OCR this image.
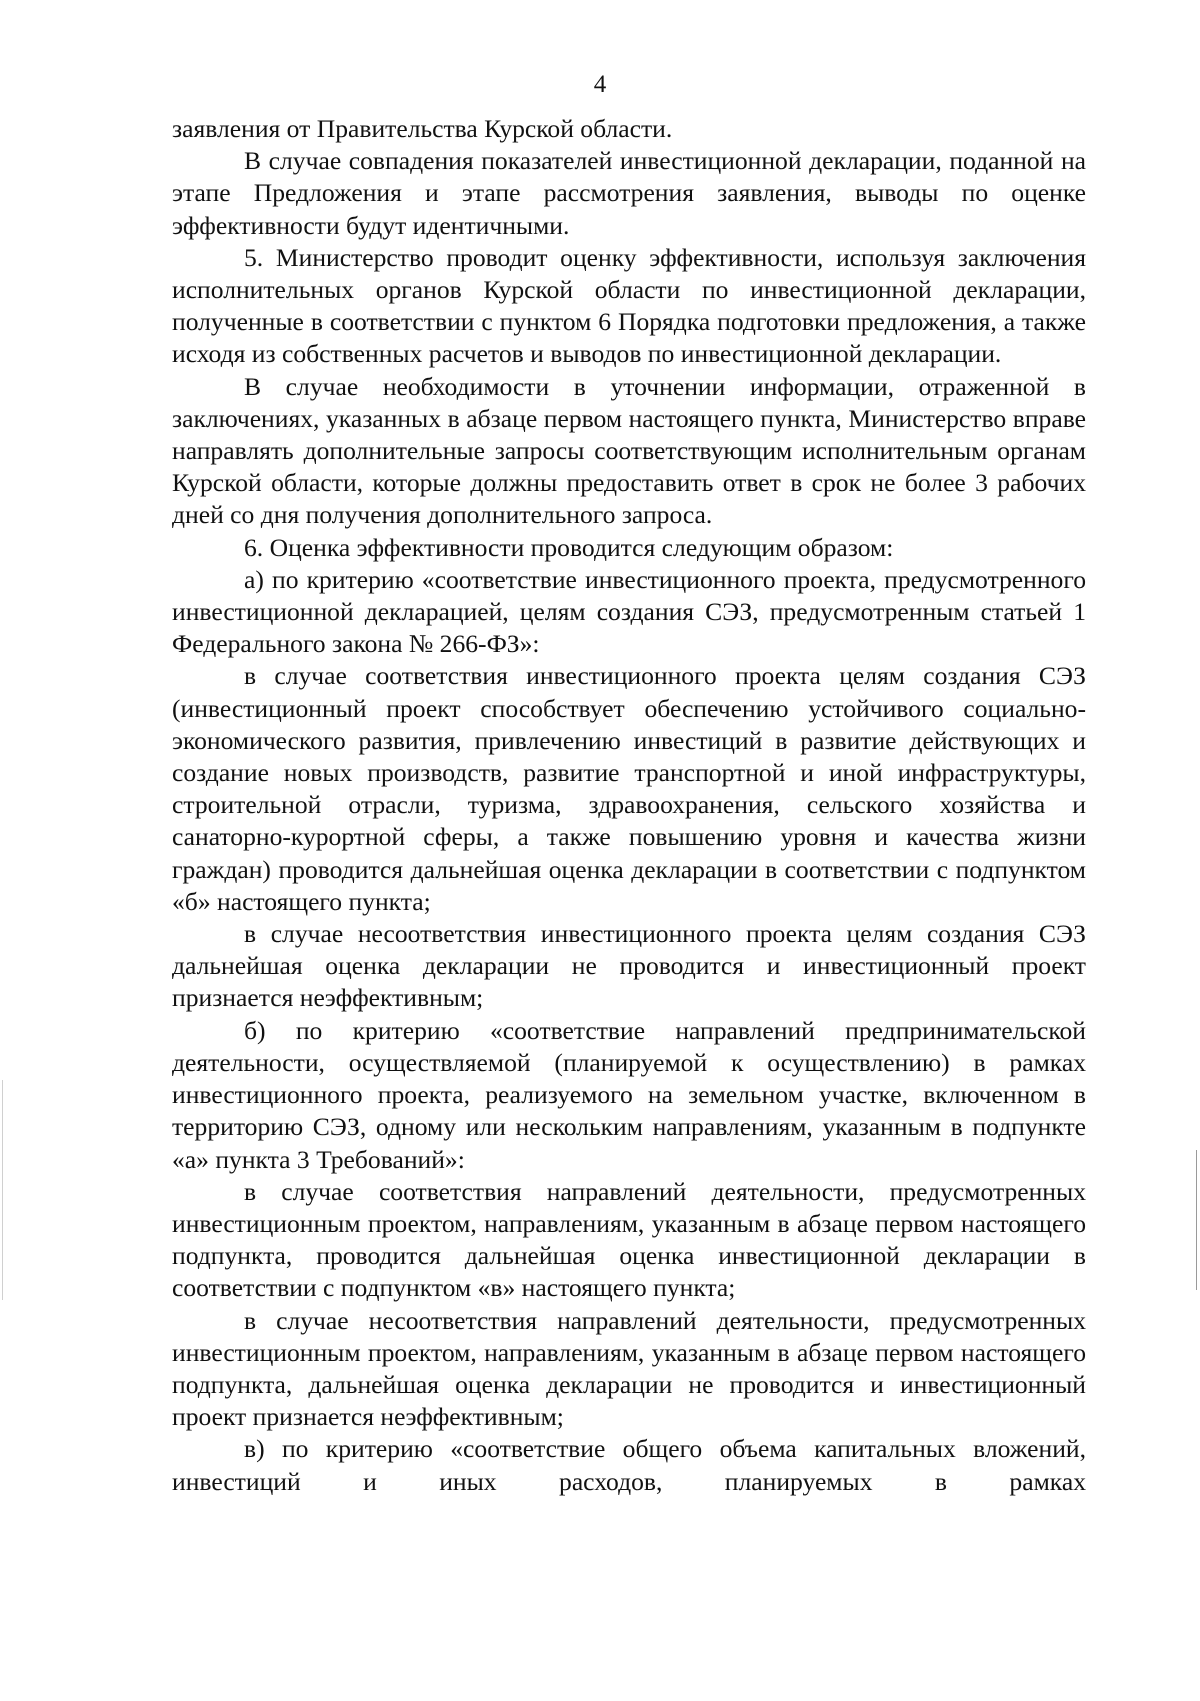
4

заявления от Правительства Курской области.

В случае совпадения показателей инвестиционной декларации, поданной на этапе Предложения и этапе рассмотрения заявления, выводы по оценке эффективности будут идентичными.

5. Министерство проводит оценку эффективности, используя заключения исполнительных органов Курской области по инвестиционной декларации, полученные в соответствии с пунктом 6 Порядка подготовки предложения, а также исходя из собственных расчетов и выводов по инвестиционной декларации.

В случае необходимости в уточнении информации, отраженной в заключениях, указанных в абзаце первом настоящего пункта, Министерство вправе направлять дополнительные запросы соответствующим исполнительным органам Курской области, которые должны предоставить ответ в срок не более 3 рабочих дней со дня получения дополнительного запроса.

6. Оценка эффективности проводится следующим образом:

а) по критерию «соответствие инвестиционного проекта, предусмотренного инвестиционной декларацией, целям создания СЭЗ, предусмотренным статьей 1 Федерального закона № 266-ФЗ»:

в случае соответствия инвестиционного проекта целям создания СЭЗ (инвестиционный проект способствует обеспечению устойчивого социально-экономического развития, привлечению инвестиций в развитие действующих и создание новых производств, развитие транспортной и иной инфраструктуры, строительной отрасли, туризма, здравоохранения, сельского хозяйства и санаторно-курортной сферы, а также повышению уровня и качества жизни граждан) проводится дальнейшая оценка декларации в соответствии с подпунктом «б» настоящего пункта;

в случае несоответствия инвестиционного проекта целям создания СЭЗ дальнейшая оценка декларации не проводится и инвестиционный проект признается неэффективным;

б) по критерию «соответствие направлений предпринимательской деятельности, осуществляемой (планируемой к осуществлению) в рамках инвестиционного проекта, реализуемого на земельном участке, включенном в территорию СЭЗ, одному или нескольким направлениям, указанным в подпункте «а» пункта 3 Требований»:

в случае соответствия направлений деятельности, предусмотренных инвестиционным проектом, направлениям, указанным в абзаце первом настоящего подпункта, проводится дальнейшая оценка инвестиционной декларации в соответствии с подпунктом «в» настоящего пункта;

в случае несоответствия направлений деятельности, предусмотренных инвестиционным проектом, направлениям, указанным в абзаце первом настоящего подпункта, дальнейшая оценка декларации не проводится и инвестиционный проект признается неэффективным;

в) по критерию «соответствие общего объема капитальных вложений, инвестиций и иных расходов, планируемых в рамках
